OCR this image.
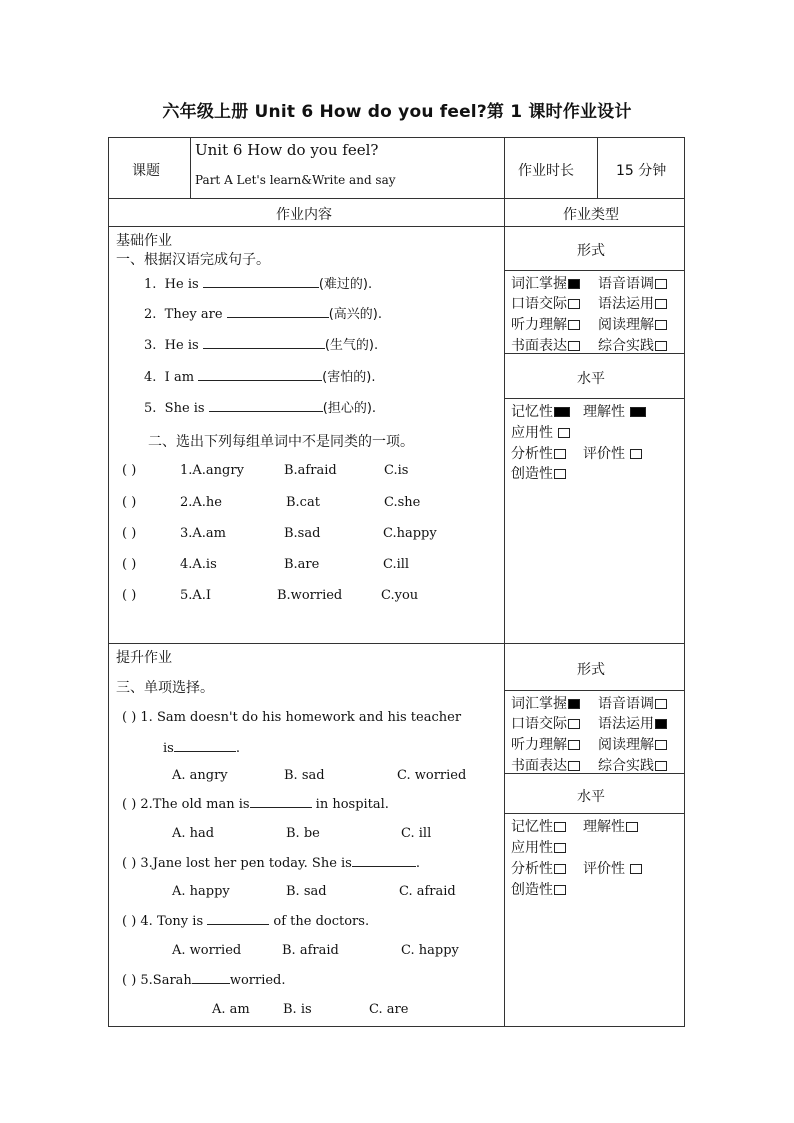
六年级上册 Unit 6 How do you feel?第 1 课时作业设计
课题
Unit 6 How do you feel?
Part A Let's learn&Write and say
作业时长	15 分钟
作业内容	作业类型
基础作业
一、根据汉语完成句子。
1. He is	(难过的).
2. They are	(高兴的).
3. He is	(生气的).
4. I am	(害怕的).
5. She is	(担心的).
二、选出下列每组单词中不是同类的一项。
( )	1.A.angry	B.afraid	C.is
( )	2.A.he	B.cat	C.she
( )	3.A.am	B.sad	C.happy
( )	4.A.is	B.are	C.ill
( )	5.A.I	B.worried	C.you
形式
词汇掌握	语音语调
口语交际	语法运用
听力理解	阅读理解
书面表达	综合实践
水平
记忆性	理解性
应用性
分析性	评价性
创造性
提升作业
三、单项选择。
( ) 1. Sam doesn't do his homework and his teacher
is	.
A. angry	B. sad	C. worried
( ) 2.The old man is	in hospital.
A. had	B. be	C. ill
( ) 3.Jane lost her pen today. She is	.
A. happy	B. sad	C. afraid
( ) 4. Tony is	of the doctors.
A. worried	B. afraid	C. happy
( ) 5.Sarah	worried.
A. am	B. is	C. are
形式
词汇掌握	语音语调
口语交际	语法运用
听力理解	阅读理解
书面表达	综合实践
水平
记忆性	理解性
应用性
分析性	评价性
创造性
